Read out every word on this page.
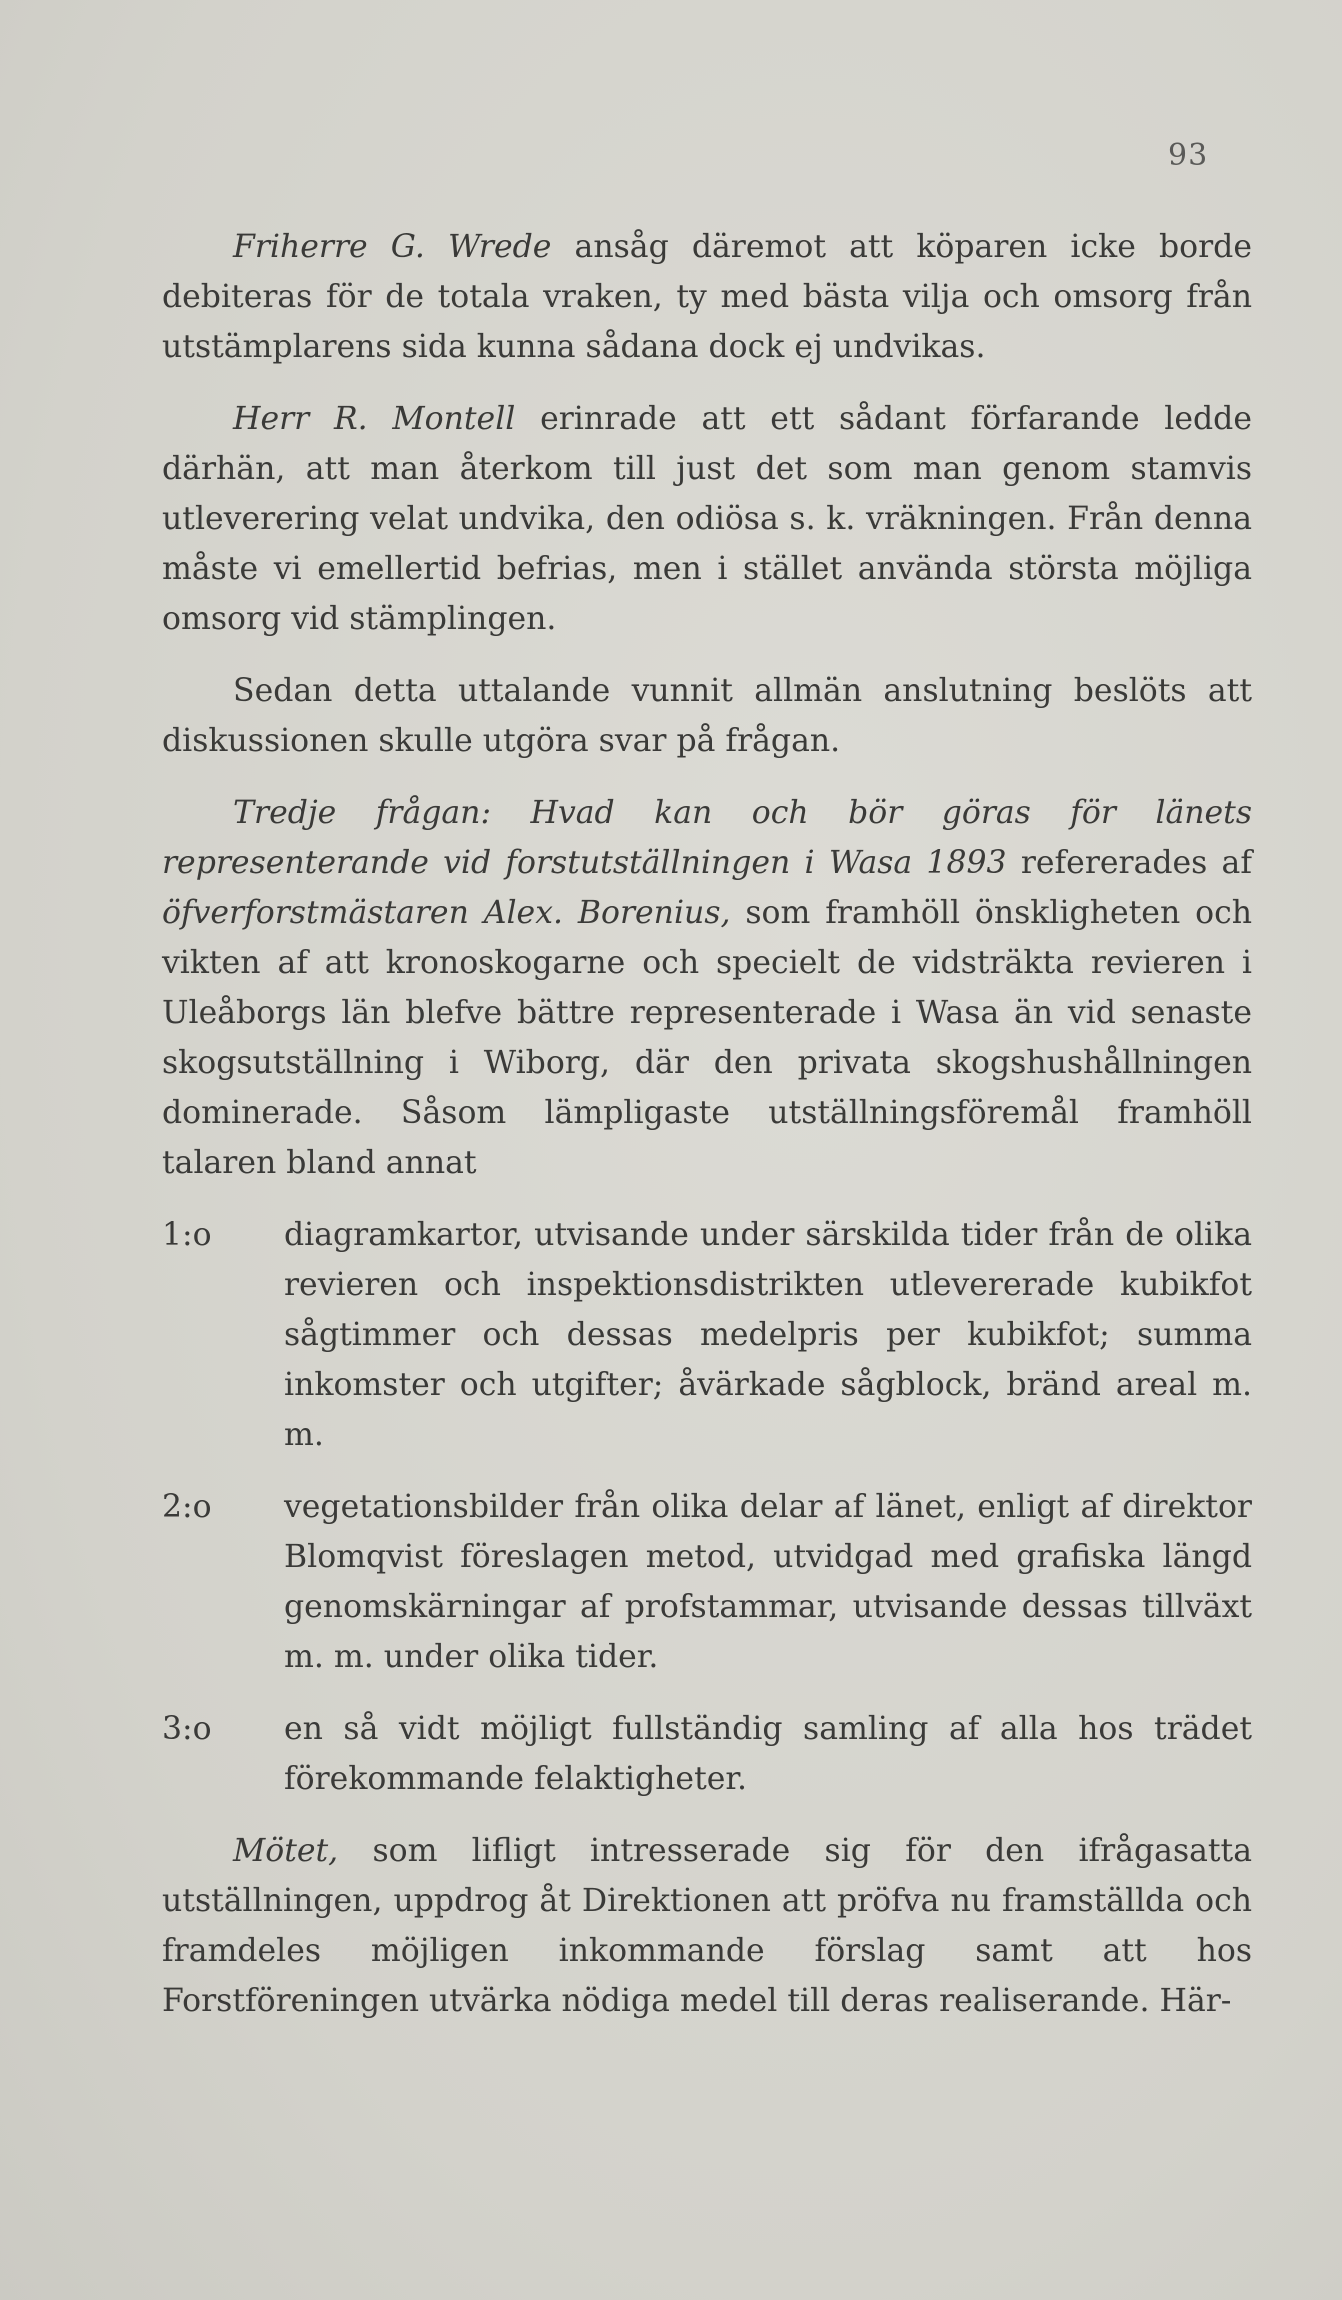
93

Friherre G. Wrede ansåg däremot att köparen icke borde debiteras för de totala vraken, ty med bästa vilja och omsorg från utstämplarens sida kunna sådana dock ej undvikas.

Herr R. Montell erinrade att ett sådant förfarande ledde därhän, att man återkom till just det som man genom stamvis utleverering velat undvika, den odiösa s. k. vräkningen. Från denna måste vi emellertid befrias, men i stället använda största möjliga omsorg vid stämplingen.

Sedan detta uttalande vunnit allmän anslutning beslöts att diskussionen skulle utgöra svar på frågan.

Tredje frågan: Hvad kan och bör göras för länets representerande vid forstutställningen i Wasa 1893 refererades af öfverforstmästaren Alex. Borenius, som framhöll önskligheten och vikten af att kronoskogarne och specielt de vidsträkta revieren i Uleåborgs län blefve bättre representerade i Wasa än vid senaste skogsutställning i Wiborg, där den privata skogshushållningen dominerade. Såsom lämpligaste utställningsföremål framhöll talaren bland annat

1:o diagramkartor, utvisande under särskilda tider från de olika revieren och inspektionsdistrikten utlevererade kubikfot sågtimmer och dessas medelpris per kubikfot; summa inkomster och utgifter; åvärkade sågblock, bränd areal m. m.

2:o vegetationsbilder från olika delar af länet, enligt af direktor Blomqvist föreslagen metod, utvidgad med grafiska längd genomskärningar af profstammar, utvisande dessas tillväxt m. m. under olika tider.

3:o en så vidt möjligt fullständig samling af alla hos trädet förekommande felaktigheter.

Mötet, som lifligt intresserade sig för den ifrågasatta utställningen, uppdrog åt Direktionen att pröfva nu framställda och framdeles möjligen inkommande förslag samt att hos Forstföreningen utvärka nödiga medel till deras realiserande. Här-
